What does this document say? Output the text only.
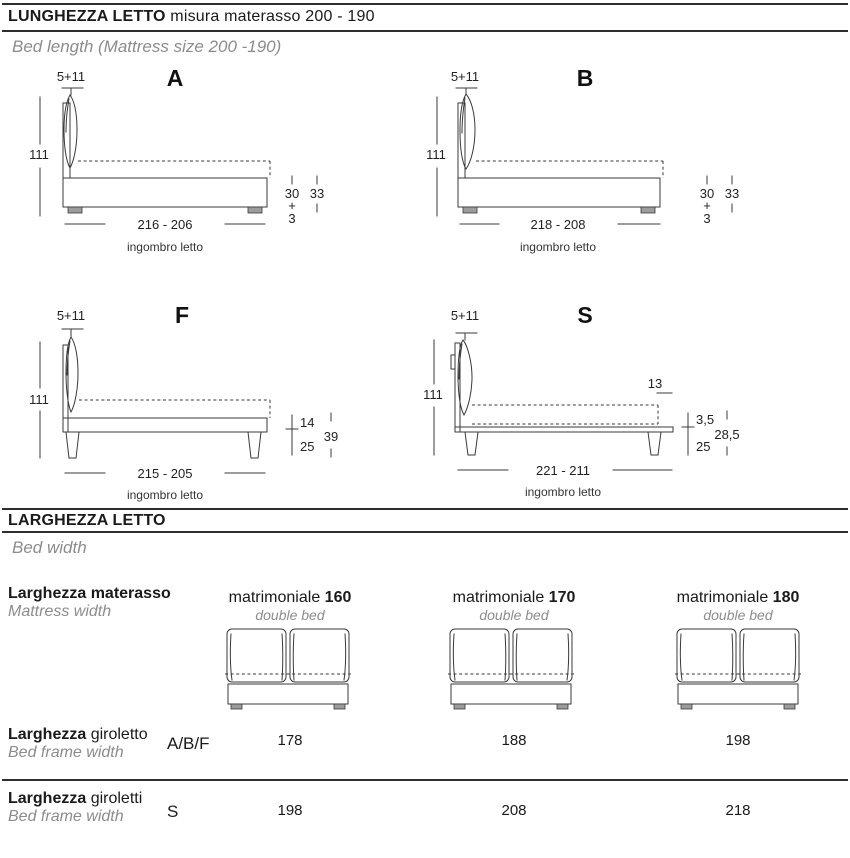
LUNGHEZZA LETTO misura materasso 200 - 190
Bed length (Mattress size 200 -190)
A
5+11
111
216 - 206
ingombro letto
30
+
3
33
B
5+11
111
218 - 208
ingombro letto
30
+
3
33
F
5+11
111
215 - 205
ingombro letto
14
25
39
S
5+11
111
13
221 - 211
ingombro letto
3,5
25
28,5
LARGHEZZA LETTO
Bed width
Larghezza materasso
Mattress width
matrimoniale 160
double bed
matrimoniale 170
double bed
matrimoniale 180
double bed
Larghezza giroletto
Bed frame width	A/B/F	178	188	198
Larghezza giroletti
Bed frame width	S	198	208	218
